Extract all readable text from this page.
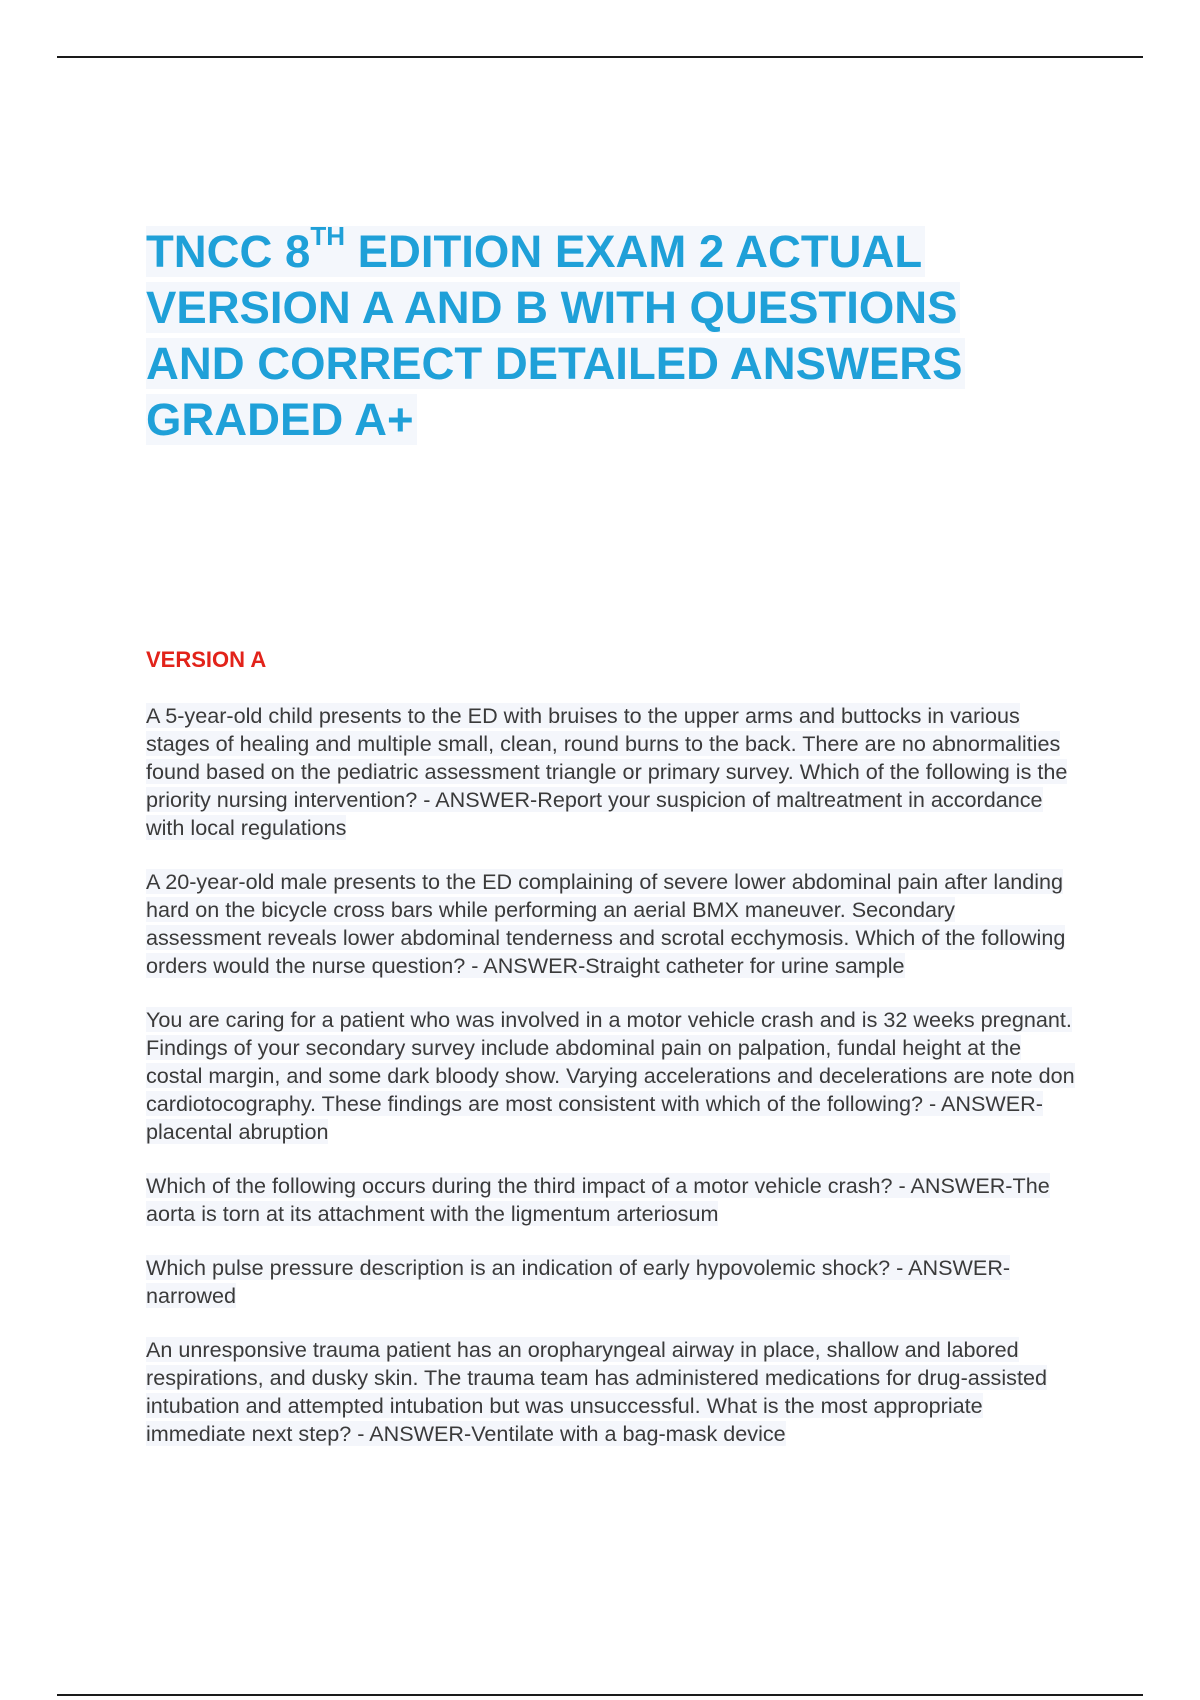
TNCC 8TH EDITION EXAM 2 ACTUAL
VERSION A AND B WITH QUESTIONS
AND CORRECT DETAILED ANSWERS
GRADED A+
VERSION A

A 5-year-old child presents to the ED with bruises to the upper arms and buttocks in various stages of healing and multiple small, clean, round burns to the back. There are no abnormalities found based on the pediatric assessment triangle or primary survey. Which of the following is the priority nursing intervention? - ANSWER-Report your suspicion of maltreatment in accordance with local regulations

A 20-year-old male presents to the ED complaining of severe lower abdominal pain after landing hard on the bicycle cross bars while performing an aerial BMX maneuver. Secondary assessment reveals lower abdominal tenderness and scrotal ecchymosis. Which of the following orders would the nurse question? - ANSWER-Straight catheter for urine sample

You are caring for a patient who was involved in a motor vehicle crash and is 32 weeks pregnant. Findings of your secondary survey include abdominal pain on palpation, fundal height at the costal margin, and some dark bloody show. Varying accelerations and decelerations are note don cardiotocography. These findings are most consistent with which of the following? - ANSWER-placental abruption

Which of the following occurs during the third impact of a motor vehicle crash? - ANSWER-The aorta is torn at its attachment with the ligmentum arteriosum

Which pulse pressure description is an indication of early hypovolemic shock? - ANSWER-narrowed

An unresponsive trauma patient has an oropharyngeal airway in place, shallow and labored respirations, and dusky skin. The trauma team has administered medications for drug-assisted intubation and attempted intubation but was unsuccessful. What is the most appropriate immediate next step? - ANSWER-Ventilate with a bag-mask device
